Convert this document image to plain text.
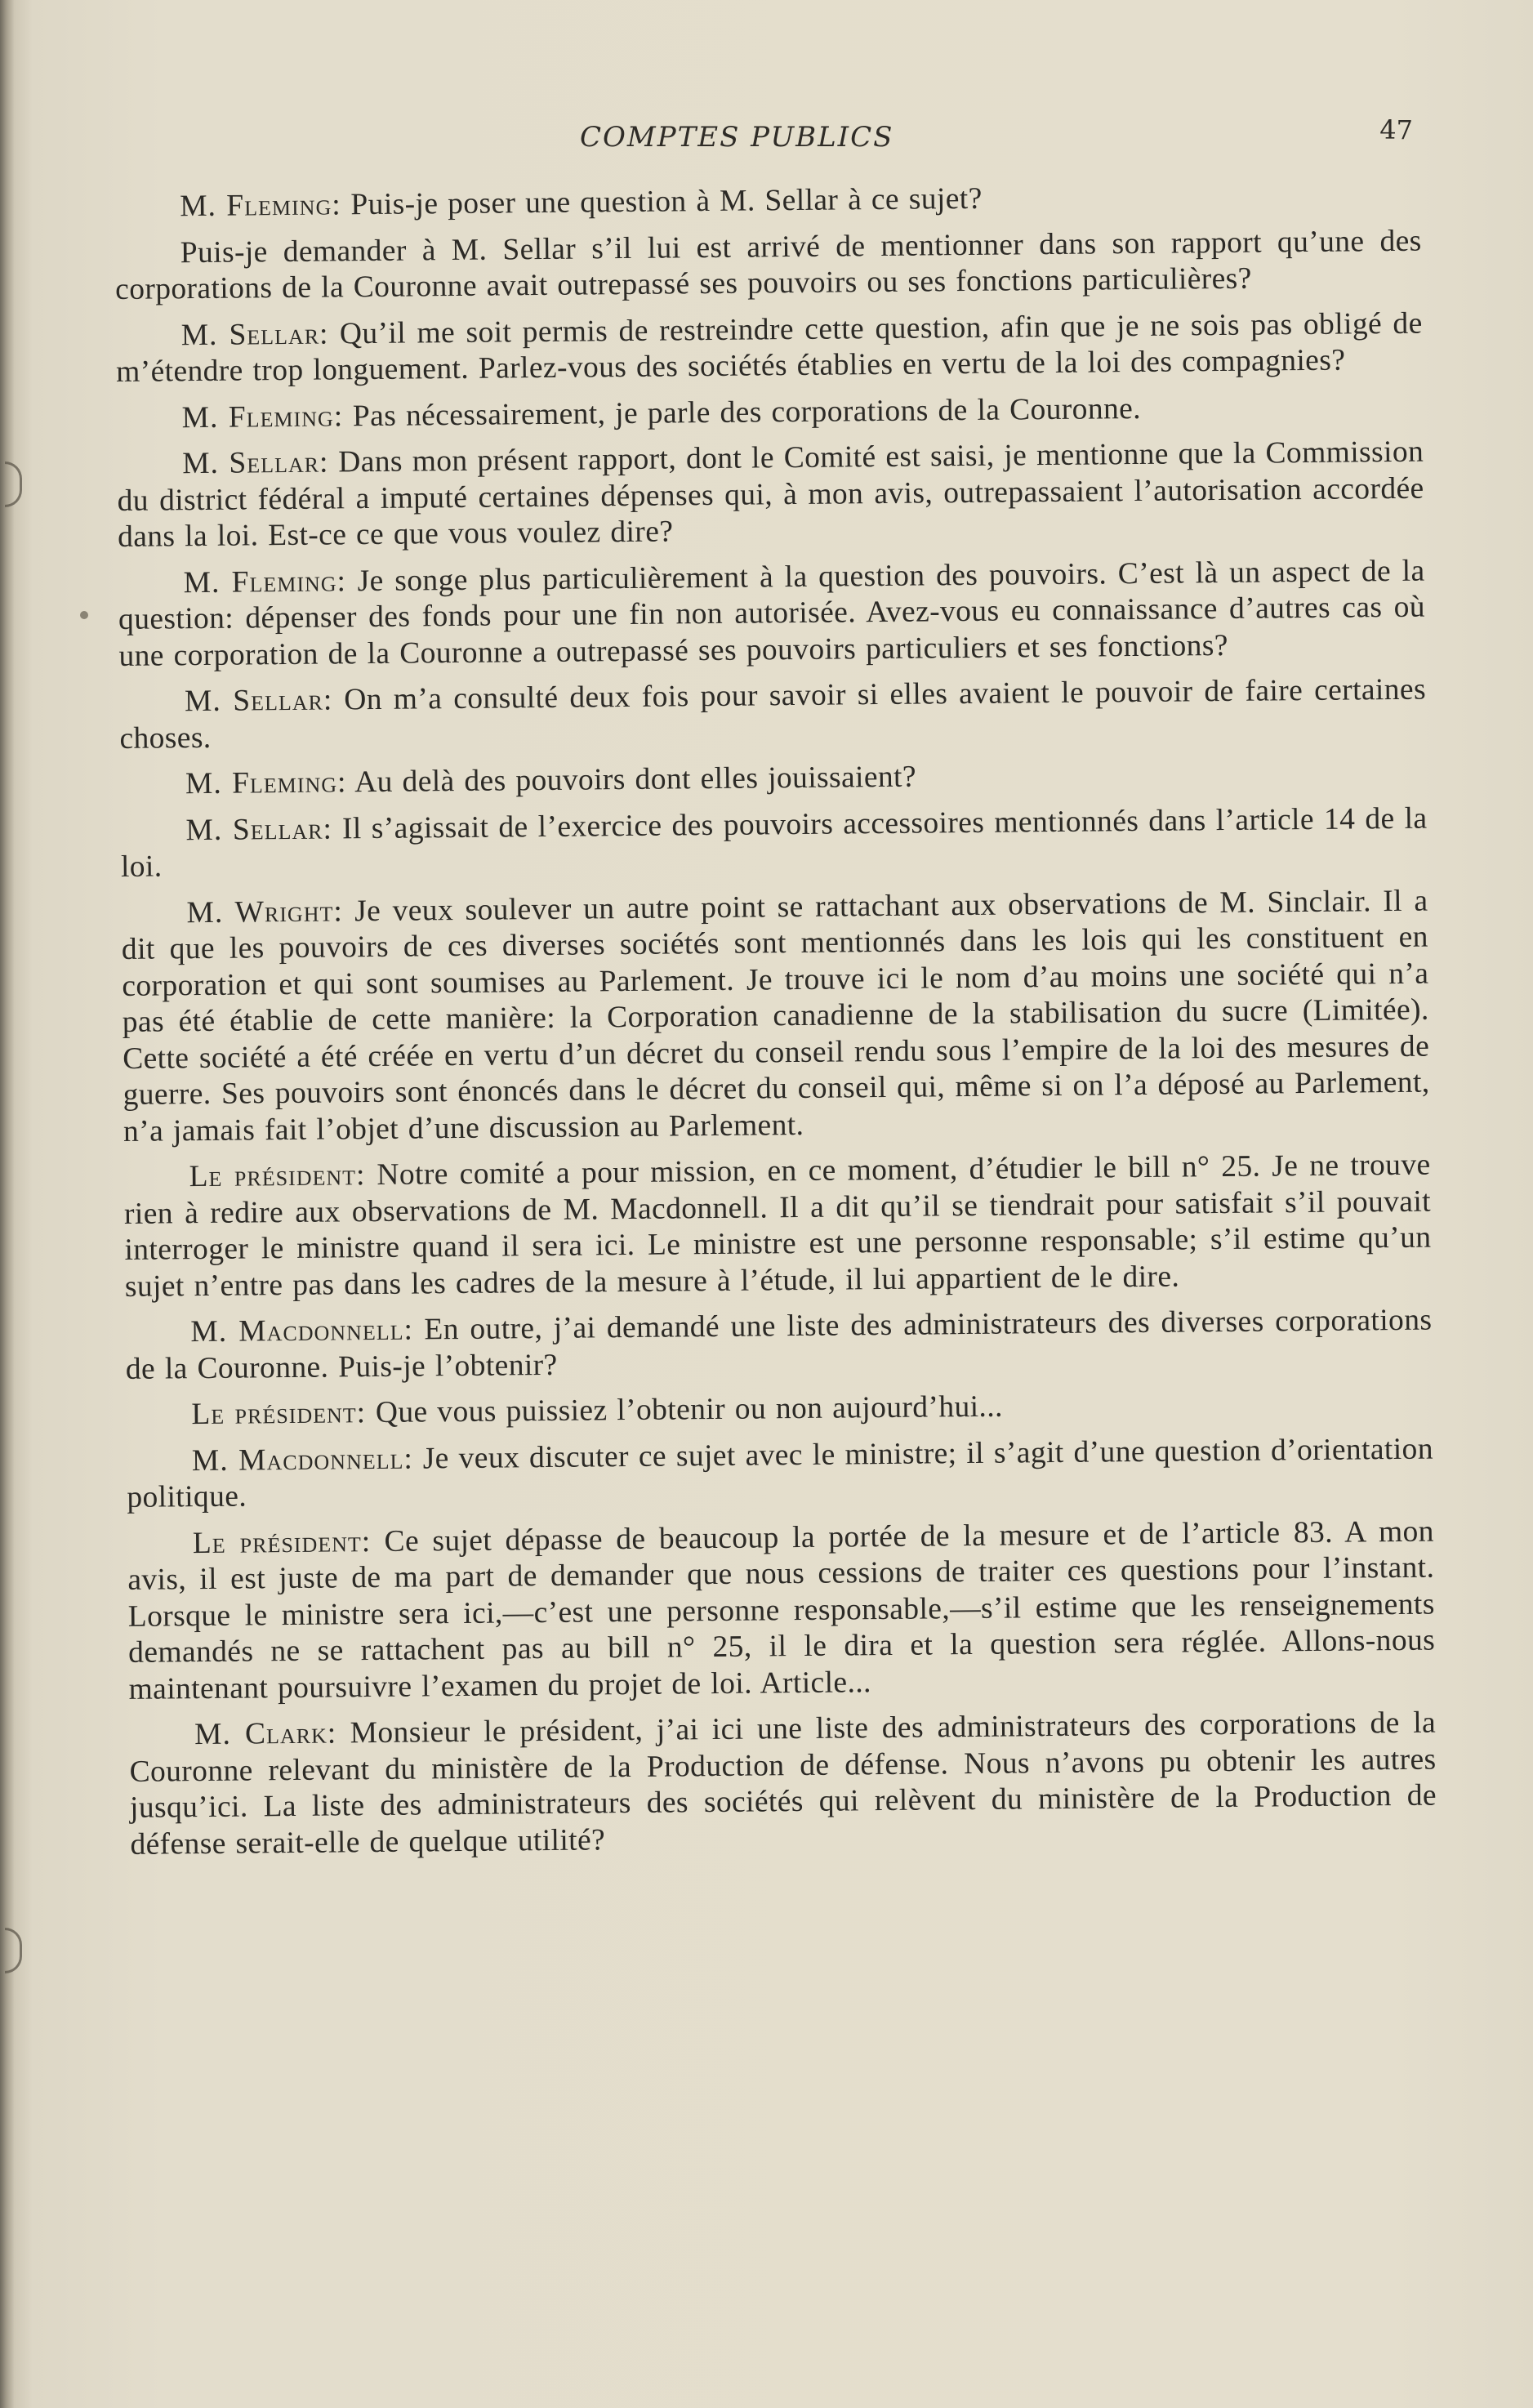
COMPTES PUBLICS	47

M. Fleming: Puis-je poser une question à M. Sellar à ce sujet?

Puis-je demander à M. Sellar s’il lui est arrivé de mentionner dans son rapport qu’une des corporations de la Couronne avait outrepassé ses pouvoirs ou ses fonctions particulières?

M. Sellar: Qu’il me soit permis de restreindre cette question, afin que je ne sois pas obligé de m’étendre trop longuement. Parlez-vous des sociétés établies en vertu de la loi des compagnies?

M. Fleming: Pas nécessairement, je parle des corporations de la Couronne.

M. Sellar: Dans mon présent rapport, dont le Comité est saisi, je mentionne que la Commission du district fédéral a imputé certaines dépenses qui, à mon avis, outrepassaient l’autorisation accordée dans la loi. Est-ce ce que vous voulez dire?

M. Fleming: Je songe plus particulièrement à la question des pouvoirs. C’est là un aspect de la question: dépenser des fonds pour une fin non autorisée. Avez-vous eu connaissance d’autres cas où une corporation de la Couronne a outrepassé ses pouvoirs particuliers et ses fonctions?

M. Sellar: On m’a consulté deux fois pour savoir si elles avaient le pouvoir de faire certaines choses.

M. Fleming: Au delà des pouvoirs dont elles jouissaient?

M. Sellar: Il s’agissait de l’exercice des pouvoirs accessoires mentionnés dans l’article 14 de la loi.

M. Wright: Je veux soulever un autre point se rattachant aux observations de M. Sinclair. Il a dit que les pouvoirs de ces diverses sociétés sont mentionnés dans les lois qui les constituent en corporation et qui sont soumises au Parlement. Je trouve ici le nom d’au moins une société qui n’a pas été établie de cette manière: la Corporation canadienne de la stabilisation du sucre (Limitée). Cette société a été créée en vertu d’un décret du conseil rendu sous l’empire de la loi des mesures de guerre. Ses pouvoirs sont énoncés dans le décret du conseil qui, même si on l’a déposé au Parlement, n’a jamais fait l’objet d’une discussion au Parlement.

Le président: Notre comité a pour mission, en ce moment, d’étudier le bill n° 25. Je ne trouve rien à redire aux observations de M. Macdonnell. Il a dit qu’il se tiendrait pour satisfait s’il pouvait interroger le ministre quand il sera ici. Le ministre est une personne responsable; s’il estime qu’un sujet n’entre pas dans les cadres de la mesure à l’étude, il lui appartient de le dire.

M. Macdonnell: En outre, j’ai demandé une liste des administrateurs des diverses corporations de la Couronne. Puis-je l’obtenir?

Le président: Que vous puissiez l’obtenir ou non aujourd’hui...

M. Macdonnell: Je veux discuter ce sujet avec le ministre; il s’agit d’une question d’orientation politique.

Le président: Ce sujet dépasse de beaucoup la portée de la mesure et de l’article 83. A mon avis, il est juste de ma part de demander que nous cessions de traiter ces questions pour l’instant. Lorsque le ministre sera ici,—c’est une personne responsable,—s’il estime que les renseignements demandés ne se rattachent pas au bill n° 25, il le dira et la question sera réglée. Allons-nous maintenant poursuivre l’examen du projet de loi. Article...

M. Clark: Monsieur le président, j’ai ici une liste des administrateurs des corporations de la Couronne relevant du ministère de la Production de défense. Nous n’avons pu obtenir les autres jusqu’ici. La liste des administrateurs des sociétés qui relèvent du ministère de la Production de défense serait-elle de quelque utilité?
